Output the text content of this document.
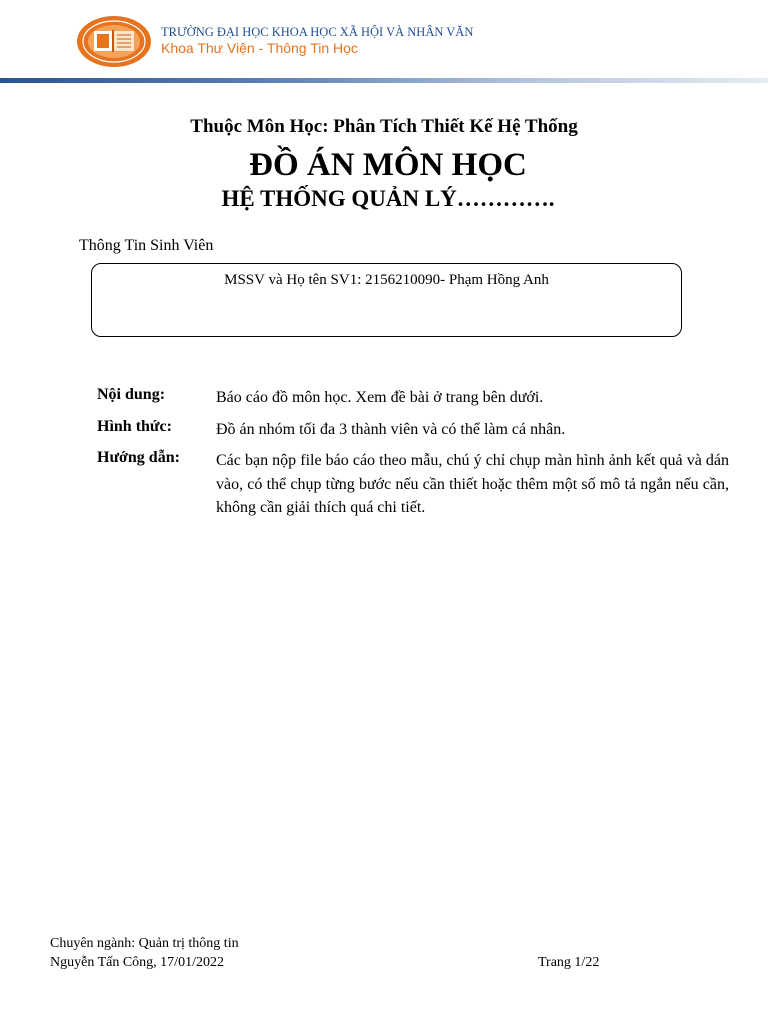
TRƯỜNG ĐẠI HỌC KHOA HỌC XÃ HỘI VÀ NHÂN VĂN
Khoa Thư Viện - Thông Tin Học
Thuộc Môn Học: Phân Tích Thiết Kế Hệ Thống
ĐỒ ÁN MÔN HỌC
HỆ THỐNG QUẢN LÝ………….
Thông Tin Sinh Viên
MSSV và Họ tên SV1: 2156210090- Phạm Hồng Anh
Nội dung:	Báo cáo đồ môn học. Xem đề bài ở trang bên dưới.
Hình thức:	Đồ án nhóm tối đa 3 thành viên và có thể làm cá nhân.
Hướng dẫn: Các bạn nộp file báo cáo theo mẫu, chú ý chỉ chụp màn hình ảnh kết quả và dán vào, có thể chụp từng bước nếu cần thiết hoặc thêm một số mô tả ngắn nếu cần, không cần giải thích quá chi tiết.
Chuyên ngành: Quản trị thông tin
Nguyễn Tấn Công, 17/01/2022	Trang 1/22
